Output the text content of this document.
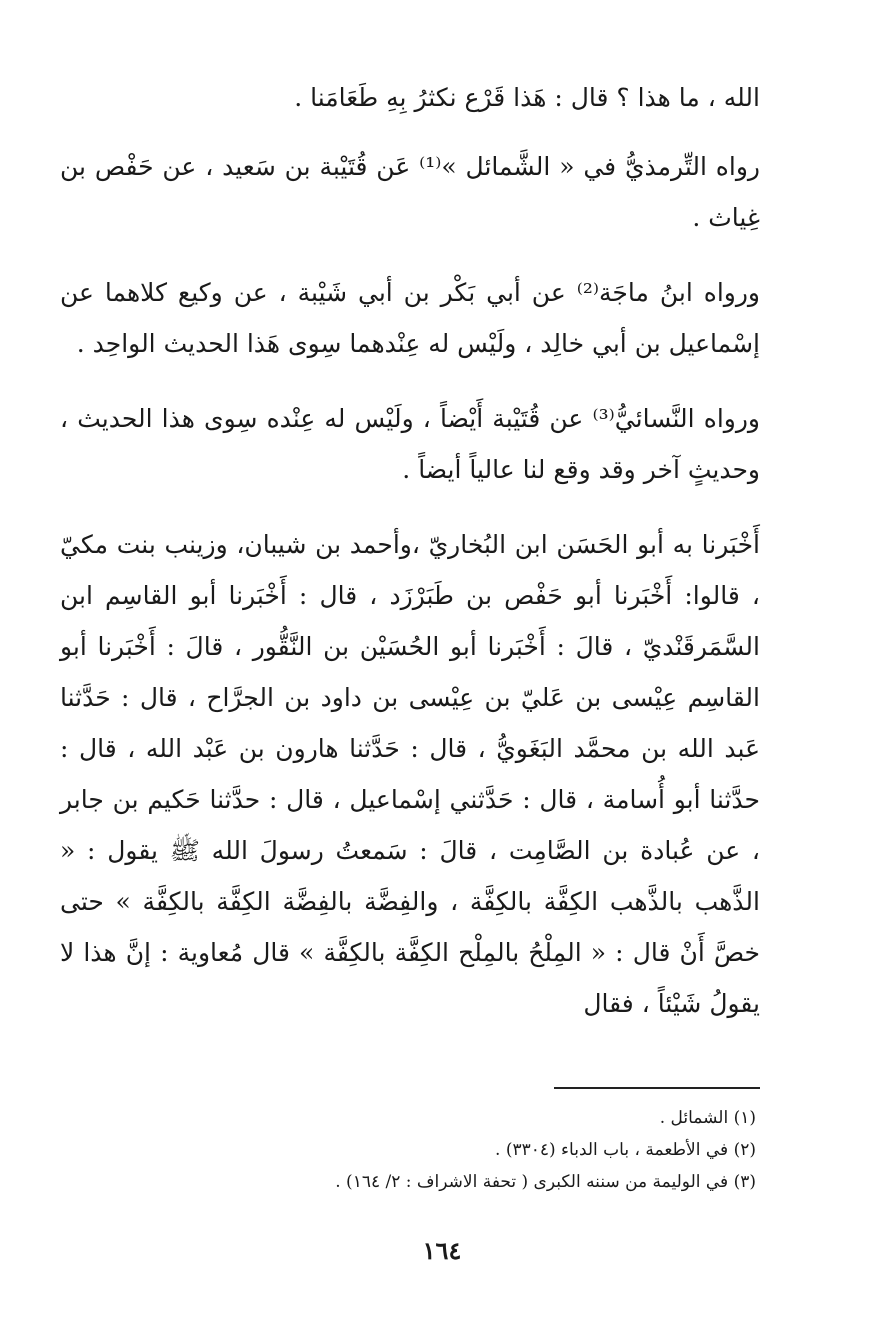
الله ، ما هذا ؟ قال : هَذا قَرْع نكثرُ بِهِ طَعَامَنا .

رواه التِّرمذيُّ في « الشَّمائل »⁽¹⁾ عَن قُتَيْبة بن سَعيد ، عن حَفْص بن غِياث .

ورواه ابنُ ماجَة⁽²⁾ عن أبي بَكْر بن أبي شَيْبة ، عن وكيع كلاهما عن إسْماعيل بن أبي خالِد ، ولَيْس له عِنْدهما سِوى هَذا الحديث الواحِد .

ورواه النَّسائيُّ⁽³⁾ عن قُتَيْبة أَيْضاً ، ولَيْس له عِنْده سِوى هذا الحديث ، وحديثٍ آخر وقد وقع لنا عالياً أيضاً .

أَخْبَرنا به أبو الحَسَن ابن البُخاريّ ،وأحمد بن شيبان، وزينب بنت مكيّ ، قالوا: أَخْبَرنا أبو حَفْص بن طَبَرْزَد ، قال : أَخْبَرنا أبو القاسِم ابن السَّمَرقَنْديّ ، قالَ : أَخْبَرنا أبو الحُسَيْن بن النَّقُّور ، قالَ : أَخْبَرنا أبو القاسِم عِيْسى بن عَليّ بن عِيْسى بن داود بن الجرَّاح ، قال : حَدَّثنا عَبد الله بن محمَّد البَغَويُّ ، قال : حَدَّثنا هارون بن عَبْد الله ، قال : حدَّثنا أبو أُسامة ، قال : حَدَّثني إسْماعيل ، قال : حدَّثنا حَكيم بن جابر ، عن عُبادة بن الصَّامِت ، قالَ : سَمعتُ رسولَ الله ﷺ يقول : « الذَّهب بالذَّهب الكِفَّة بالكِفَّة ، والفِضَّة بالفِضَّة الكِفَّة بالكِفَّة » حتى خصَّ أَنْ قال : « المِلْحُ بالمِلْح الكِفَّة بالكِفَّة » قال مُعاوية : إنَّ هذا لا يقولُ شَيْئاً ، فقال

(١) الشمائل .

(٢) في الأطعمة ، باب الدباء (٣٣٠٤) .

(٣) في الوليمة من سننه الكبرى ( تحفة الاشراف : ٢/ ١٦٤) .

١٦٤
